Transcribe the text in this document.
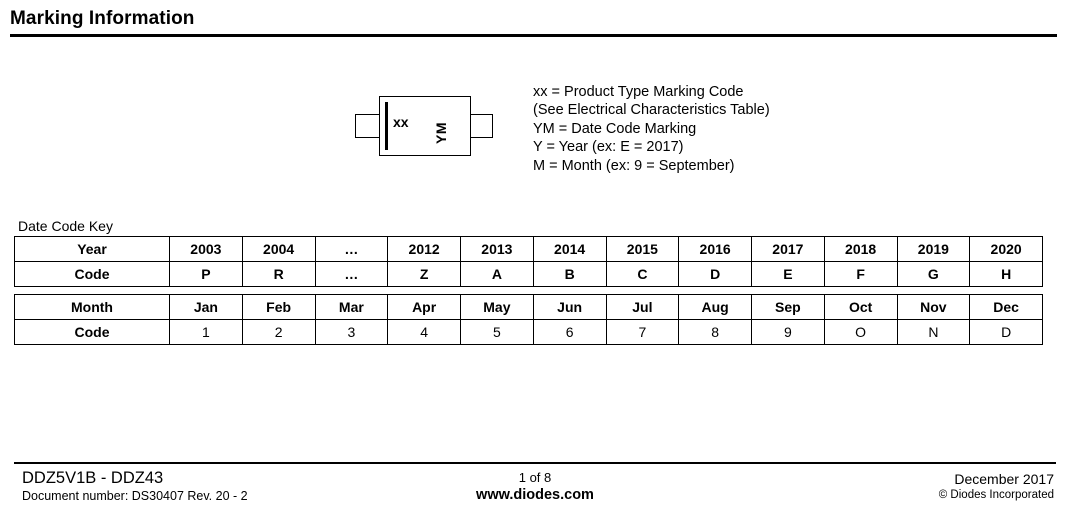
Marking Information
xx YM
xx = Product Type Marking Code
(See Electrical Characteristics Table)
YM = Date Code Marking
Y = Year (ex: E = 2017)
M = Month (ex: 9 = September)
Date Code Key
Year	2003	2004	…	2012	2013	2014	2015	2016	2017	2018	2019	2020
Code	P	R	…	Z	A	B	C	D	E	F	G	H
Month	Jan	Feb	Mar	Apr	May	Jun	Jul	Aug	Sep	Oct	Nov	Dec
Code	1	2	3	4	5	6	7	8	9	O	N	D
DDZ5V1B - DDZ43
Document number: DS30407 Rev. 20 - 2
1 of 8
www.diodes.com
December 2017
© Diodes Incorporated
